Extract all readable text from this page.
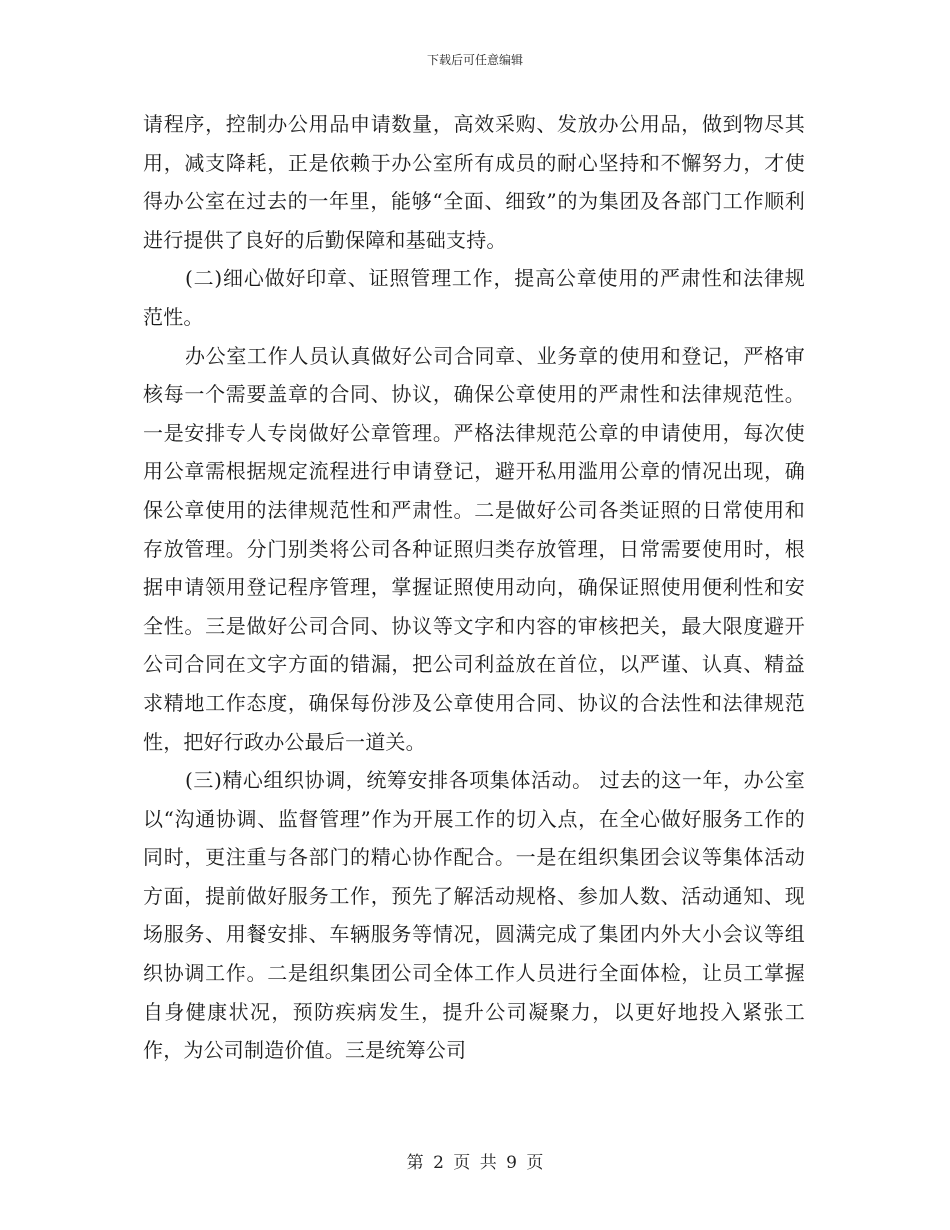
下载后可任意编辑

请程序，控制办公用品申请数量，高效采购、发放办公用品，做到物尽其用，减支降耗，正是依赖于办公室所有成员的耐心坚持和不懈努力，才使得办公室在过去的一年里，能够“全面、细致”的为集团及各部门工作顺利进行提供了良好的后勤保障和基础支持。

(二)细心做好印章、证照管理工作，提高公章使用的严肃性和法律规范性。

办公室工作人员认真做好公司合同章、业务章的使用和登记，严格审核每一个需要盖章的合同、协议，确保公章使用的严肃性和法律规范性。一是安排专人专岗做好公章管理。严格法律规范公章的申请使用，每次使用公章需根据规定流程进行申请登记，避开私用滥用公章的情况出现，确保公章使用的法律规范性和严肃性。二是做好公司各类证照的日常使用和存放管理。分门别类将公司各种证照归类存放管理，日常需要使用时，根据申请领用登记程序管理，掌握证照使用动向，确保证照使用便利性和安全性。三是做好公司合同、协议等文字和内容的审核把关，最大限度避开公司合同在文字方面的错漏，把公司利益放在首位，以严谨、认真、精益求精地工作态度，确保每份涉及公章使用合同、协议的合法性和法律规范性，把好行政办公最后一道关。

(三)精心组织协调，统筹安排各项集体活动。 过去的这一年，办公室以“沟通协调、监督管理”作为开展工作的切入点，在全心做好服务工作的同时，更注重与各部门的精心协作配合。一是在组织集团会议等集体活动方面，提前做好服务工作，预先了解活动规格、参加人数、活动通知、现场服务、用餐安排、车辆服务等情况，圆满完成了集团内外大小会议等组织协调工作。二是组织集团公司全体工作人员进行全面体检，让员工掌握自身健康状况，预防疾病发生，提升公司凝聚力，以更好地投入紧张工作，为公司制造价值。三是统筹公司

第 2 页 共 9 页
